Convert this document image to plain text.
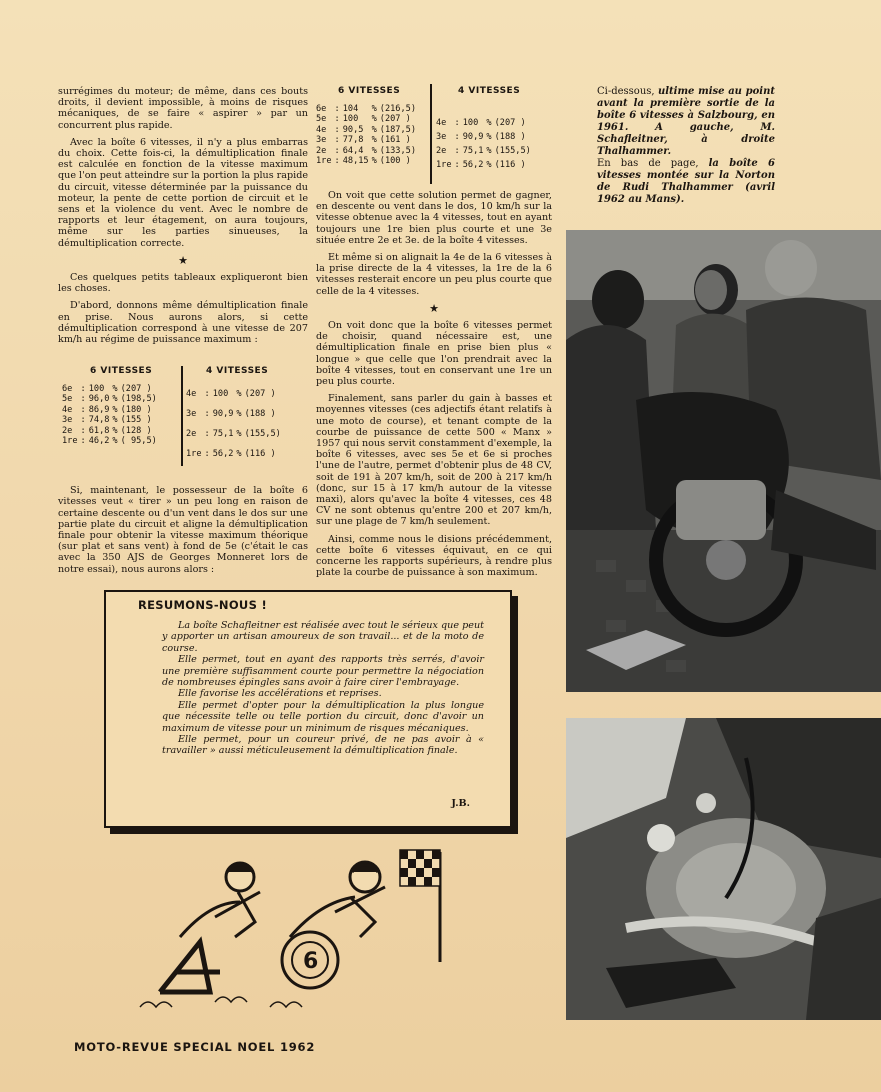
surrégimes du moteur; de même, dans ces bouts droits, il devient impossible, à moins de risques mécaniques, de se faire « aspirer » par un concurrent plus rapide.

Avec la boîte 6 vitesses, il n'y a plus embarras du choix. Cette fois-ci, la démultiplication finale est calculée en fonction de la vitesse maximum que l'on peut atteindre sur la portion la plus rapide du circuit, vitesse déterminée par la puissance du moteur, la pente de cette portion de circuit et le sens et la violence du vent. Avec le nombre de rapports et leur étagement, on aura toujours, même sur les parties sinueuses, la démultiplication correcte.

★

Ces quelques petits tableaux expliqueront bien les choses.

D'abord, donnons même démultiplication finale en prise. Nous aurons alors, si cette démultiplication correspond à une vitesse de 207 km/h au régime de puissance maximum :

Si, maintenant, le possesseur de la boîte 6 vitesses veut « tirer » un peu long en raison de certaine descente ou d'un vent dans le dos sur une partie plate du circuit et aligne la démultiplication finale pour obtenir la vitesse maximum théorique (sur plat et sans vent) à fond de 5e (c'était le cas avec la 350 AJS de Georges Monneret lors de notre essai), nous aurons alors :

6 VITESSES	4 VITESSES
6e	:	100	%	(207 )
5e	:	96,0	%	(198,5)
4e	:	86,9	%	(180 )
3e	:	74,8	%	(155 )
2e	:	61,8	%	(128 )
1re	:	46,2	%	( 95,5)
4e	:	100	%	(207 )
3e	:	90,9	%	(188 )
2e	:	75,1	%	(155,5)
1re	:	56,2	%	(116 )
6 VITESSES	4 VITESSES
6e	:	104	%	(216,5)
5e	:	100	%	(207 )
4e	:	90,5	%	(187,5)
3e	:	77,8	%	(161 )
2e	:	64,4	%	(133,5)
1re	:	48,15	%	(100 )
4e	:	100	%	(207 )
3e	:	90,9	%	(188 )
2e	:	75,1	%	(155,5)
1re	:	56,2	%	(116 )

On voit que cette solution permet de gagner, en descente ou vent dans le dos, 10 km/h sur la vitesse obtenue avec la 4 vitesses, tout en ayant toujours une 1re bien plus courte et une 3e située entre 2e et 3e. de la boîte 4 vitesses.

Et même si on alignait la 4e de la 6 vitesses à la prise directe de la 4 vitesses, la 1re de la 6 vitesses resterait encore un peu plus courte que celle de la 4 vitesses.

★

On voit donc que la boîte 6 vitesses permet de choisir, quand nécessaire est, une démultiplication finale en prise bien plus « longue » que celle que l'on prendrait avec la boîte 4 vitesses, tout en conservant une 1re un peu plus courte.

Finalement, sans parler du gain à basses et moyennes vitesses (ces adjectifs étant relatifs à une moto de course), et tenant compte de la courbe de puissance de cette 500 « Manx » 1957 qui nous servit constamment d'exemple, la boîte 6 vitesses, avec ses 5e et 6e si proches l'une de l'autre, permet d'obtenir plus de 48 CV, soit de 191 à 207 km/h, soit de 200 à 217 km/h (donc, sur 15 à 17 km/h autour de la vitesse maxi), alors qu'avec la boîte 4 vitesses, ces 48 CV ne sont obtenus qu'entre 200 et 207 km/h, sur une plage de 7 km/h seulement.

Ainsi, comme nous le disions précédemment, cette boîte 6 vitesses équivaut, en ce qui concerne les rapports supérieurs, à rendre plus plate la courbe de puissance à son maximum.

Ci-dessous, ultime mise au point avant la première sortie de la boîte 6 vitesses à Salzbourg, en 1961. A gauche, M. Schafleitner, à droite Thalhammer.
En bas de page, la boîte 6 vitesses montée sur la Norton de Rudi Thalhammer (avril 1962 au Mans).
RESUMONS-NOUS !

La boîte Schafleitner est réalisée avec tout le sérieux que peut y apporter un artisan amoureux de son travail... et de la moto de course.

Elle permet, tout en ayant des rapports très serrés, d'avoir une première suffisamment courte pour permettre la négociation de nombreuses épingles sans avoir à faire cirer l'embrayage.

Elle favorise les accélérations et reprises.

Elle permet d'opter pour la démultiplication la plus longue que nécessite telle ou telle portion du circuit, donc d'avoir un maximum de vitesse pour un minimum de risques mécaniques.

Elle permet, pour un coureur privé, de ne pas avoir à « travailler » aussi méticuleusement la démultiplication finale.

J.B.
6
MOTO-REVUE SPECIAL NOEL 1962
